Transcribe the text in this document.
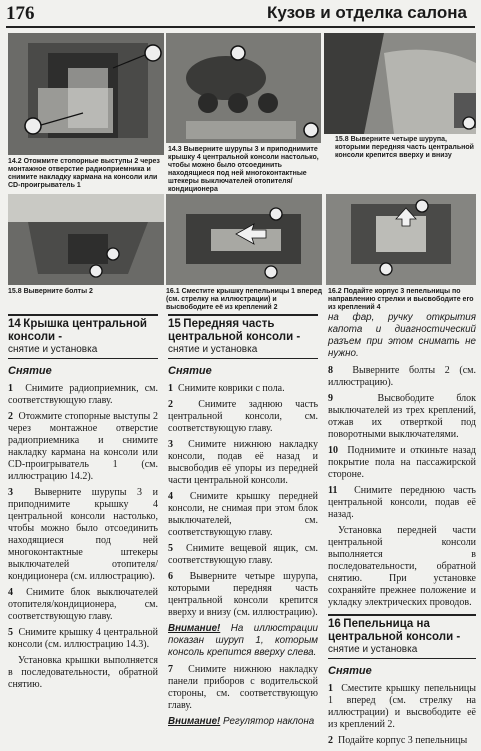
176	Кузов и отделка салона
14.2 Отожмите стопорные выступы 2 через монтажное отверстие радиоприемника и снимите накладку кармана на консоли или CD-проигрыватель 1
14.3 Выверните шурупы 3 и приподнимите крышку 4 центральной консоли настолько, чтобы можно было отсоединить находящиеся под ней многоконтактные штекеры выключателей отопителя/кондиционера
15.8 Выверните четыре шурупа, которыми передняя часть центральной консоли крепится вверху и внизу
15.8 Выверните болты 2	16.1 Сместите крышку пепельницы 1 вперед (см. стрелку на иллюстрации) и высвободите её из креплений 2
16.2 Подайте корпус 3 пепельницы по направлению стрелки и высвободите его из креплений 4
14 Крышка центральной консоли -
снятие и установка
Снятие

1 Снимите радиоприемник, см. соответствующую главу.

2 Отожмите стопорные выступы 2 через монтажное отверстие радиоприемника и снимите накладку кармана на консоли или CD-проигрыватель 1 (см. иллюстрацию 14.2).

3 Выверните шурупы 3 и приподнимите крышку 4 центральной консоли настолько, чтобы можно было отсоединить находящиеся под ней многоконтактные штекеры выключателей отопителя/кондиционера (см. иллюстрацию).

4 Снимите блок выключателей отопителя/кондиционера, см. соответствующую главу.

5 Снимите крышку 4 центральной консоли (см. иллюстрацию 14.3).

Установка крышки выполняется в последовательности, обратной снятию.

15 Передняя часть центральной консоли -
снятие и установка
Снятие

1 Снимите коврики с пола.

2	Снимите заднюю часть центральной консоли, см. соответствующую главу.

3 Снимите нижнюю накладку консоли, подав её назад и высвободив её упоры из передней части центральной консоли.

4 Снимите крышку передней консоли, не снимая при этом блок выключателей, см. соответствующую главу.

5 Снимите вещевой ящик, см. соответствующую главу.

6 Выверните четыре шурупа, которыми передняя часть центральной консоли крепится вверху и внизу (см. иллюстрацию).

Внимание! На иллюстрации показан шуруп 1, которым консоль крепится вверху слева.

7 Снимите нижнюю накладку панели приборов с водительской стороны, см. соответствующую главу.

Внимание! Регулятор наклона

на фар, ручку открытия капота и диагностический разъем при этом снимать не нужно.

8 Выверните болты 2 (см. иллюстрацию).

9	Высвободите блок выключателей из трех креплений, отжав их отверткой под поворотными выключателями.

10 Поднимите и откиньте назад покрытие пола на пассажирской стороне.

11 Снимите переднюю часть центральной консоли, подав её назад.

Установка передней части центральной консоли выполняется в последовательности, обратной снятию. При установке сохраняйте прежнее положение и укладку электрических проводов.

16 Пепельница на центральной консоли -
снятие и установка
Снятие

1 Сместите крышку пепельницы 1 вперед (см. стрелку на иллюстрации) и высвободите её из креплений 2.

2 Подайте корпус 3 пепельницы
